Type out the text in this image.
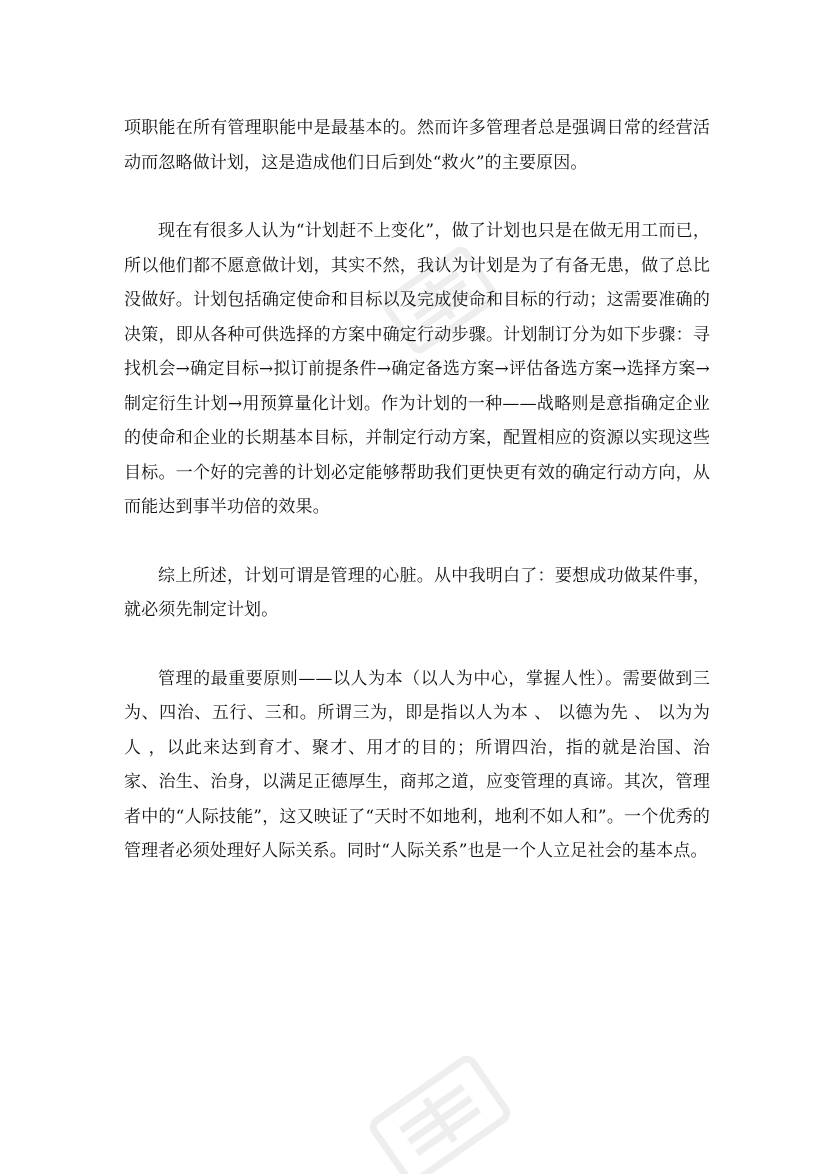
项职能在所有管理职能中是最基本的。然而许多管理者总是强调日常的经营活动而忽略做计划，这是造成他们日后到处“救火”的主要原因。

现在有很多人认为“计划赶不上变化”，做了计划也只是在做无用工而已，所以他们都不愿意做计划，其实不然，我认为计划是为了有备无患，做了总比没做好。计划包括确定使命和目标以及完成使命和目标的行动；这需要准确的决策，即从各种可供选择的方案中确定行动步骤。计划制订分为如下步骤：寻找机会→确定目标→拟订前提条件→确定备选方案→评估备选方案→选择方案→制定衍生计划→用预算量化计划。作为计划的一种——战略则是意指确定企业的使命和企业的长期基本目标，并制定行动方案，配置相应的资源以实现这些目标。一个好的完善的计划必定能够帮助我们更快更有效的确定行动方向，从而能达到事半功倍的效果。

综上所述，计划可谓是管理的心脏。从中我明白了：要想成功做某件事，就必须先制定计划。

管理的最重要原则——以人为本（以人为中心，掌握人性）。需要做到三为、四治、五行、三和。所谓三为，即是指以人为本 、 以德为先 、 以为为人 ，以此来达到育才、聚才、用才的目的；所谓四治，指的就是治国、治家、治生、治身，以满足正德厚生，商邦之道，应变管理的真谛。其次，管理者中的“人际技能”，这又映证了“天时不如地利，地利不如人和”。一个优秀的管理者必须处理好人际关系。同时“人际关系”也是一个人立足社会的基本点。
